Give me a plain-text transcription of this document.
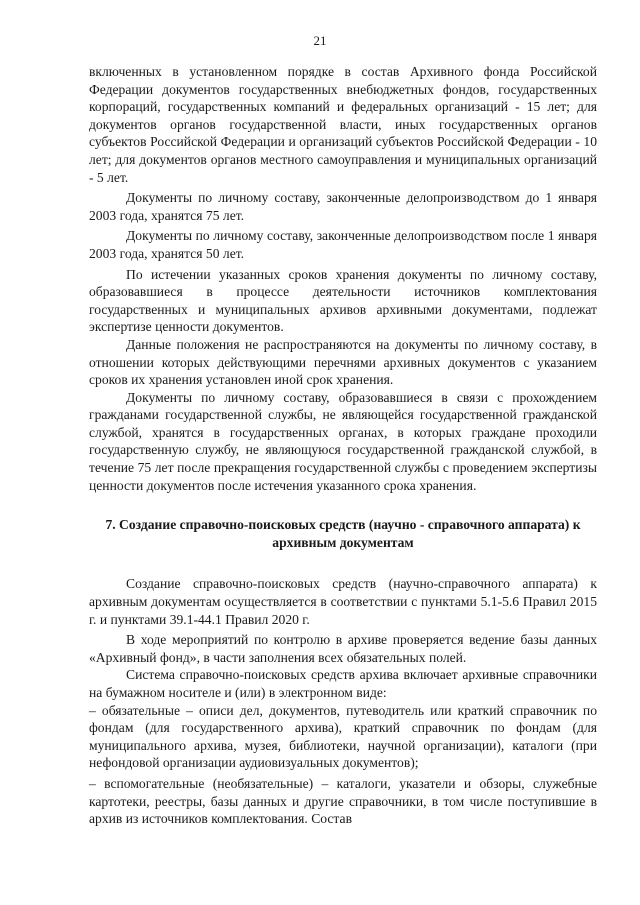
21

включенных в установленном порядке в состав Архивного фонда Российской Федерации документов государственных внебюджетных фондов, государственных корпораций, государственных компаний и федеральных организаций - 15 лет; для документов органов государственной власти, иных государственных органов субъектов Российской Федерации и организаций субъектов Российской Федерации - 10 лет; для документов органов местного самоуправления и муниципальных организаций - 5 лет.

Документы по личному составу, законченные делопроизводством до 1 января 2003 года, хранятся 75 лет.

Документы по личному составу, законченные делопроизводством после 1 января 2003 года, хранятся 50 лет.

По истечении указанных сроков хранения документы по личному составу, образовавшиеся в процессе деятельности источников комплектования государственных и муниципальных архивов архивными документами, подлежат экспертизе ценности документов.

Данные положения не распространяются на документы по личному составу, в отношении которых действующими перечнями архивных документов с указанием сроков их хранения установлен иной срок хранения.

Документы по личному составу, образовавшиеся в связи с прохождением гражданами государственной службы, не являющейся государственной гражданской службой, хранятся в государственных органах, в которых граждане проходили государственную службу, не являющуюся государственной гражданской службой, в течение 75 лет после прекращения государственной службы с проведением экспертизы ценности документов после истечения указанного срока хранения.

7. Создание справочно-поисковых средств (научно - справочного аппарата) к архивным документам

Создание справочно-поисковых средств (научно-справочного аппарата) к архивным документам осуществляется в соответствии с пунктами 5.1-5.6 Правил 2015 г. и пунктами 39.1-44.1 Правил 2020 г.

В ходе мероприятий по контролю в архиве проверяется ведение базы данных «Архивный фонд», в части заполнения всех обязательных полей.

Система справочно-поисковых средств архива включает архивные справочники на бумажном носителе и (или) в электронном виде:

– обязательные – описи дел, документов, путеводитель или краткий справочник по фондам (для государственного архива), краткий справочник по фондам (для муниципального архива, музея, библиотеки, научной организации), каталоги (при нефондовой организации аудиовизуальных документов);

– вспомогательные (необязательные) – каталоги, указатели и обзоры, служебные картотеки, реестры, базы данных и другие справочники, в том числе поступившие в архив из источников комплектования. Состав
